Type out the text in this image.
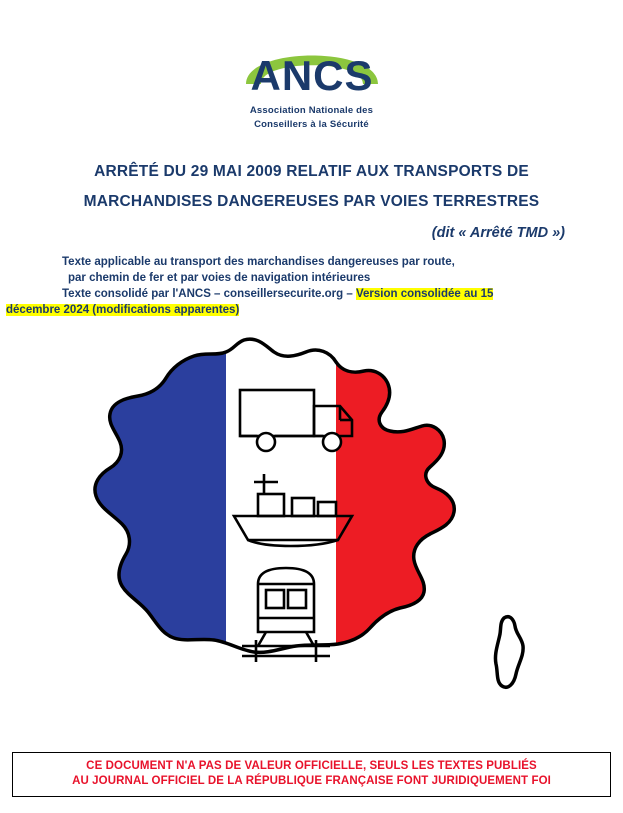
ANCS
Association Nationale des
Conseillers à la Sécurité
ARRÊTÉ DU 29 MAI 2009 RELATIF AUX TRANSPORTS DE
MARCHANDISES DANGEREUSES PAR VOIES TERRESTRES
(dit « Arrêté TMD »)
Texte applicable au transport des marchandises dangereuses par route,
par chemin de fer et par voies de navigation intérieures
Texte consolidé par l'ANCS – conseillersecurite.org – Version consolidée au 15
décembre 2024 (modifications apparentes)
CE DOCUMENT N'A PAS DE VALEUR OFFICIELLE, SEULS LES TEXTES PUBLIÉS
AU JOURNAL OFFICIEL DE LA RÉPUBLIQUE FRANÇAISE FONT JURIDIQUEMENT FOI
